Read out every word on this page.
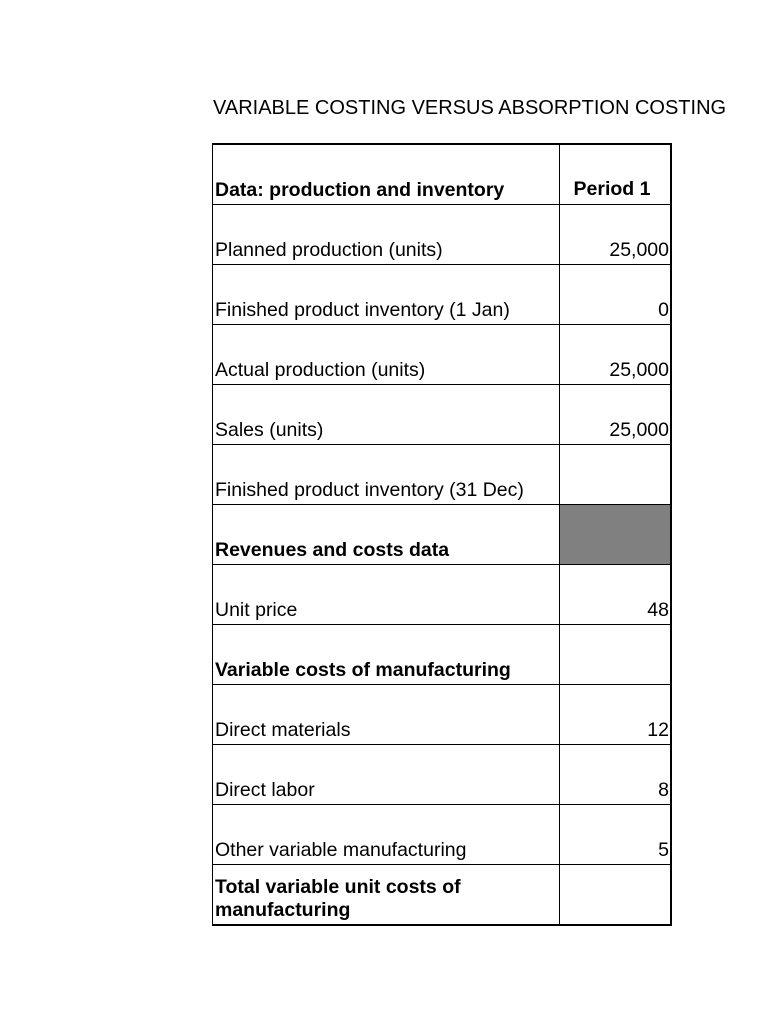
VARIABLE COSTING VERSUS ABSORPTION COSTING
Data: production and inventory	Period 1
Planned production (units)	25,000
Finished product inventory (1 Jan)	0
Actual production (units)	25,000
Sales (units)	25,000
Finished product inventory (31 Dec)	
Revenues and costs data	
Unit price	48
Variable costs of manufacturing	
Direct materials	12
Direct labor	8
Other variable manufacturing	5
Total variable unit costs of manufacturing	
